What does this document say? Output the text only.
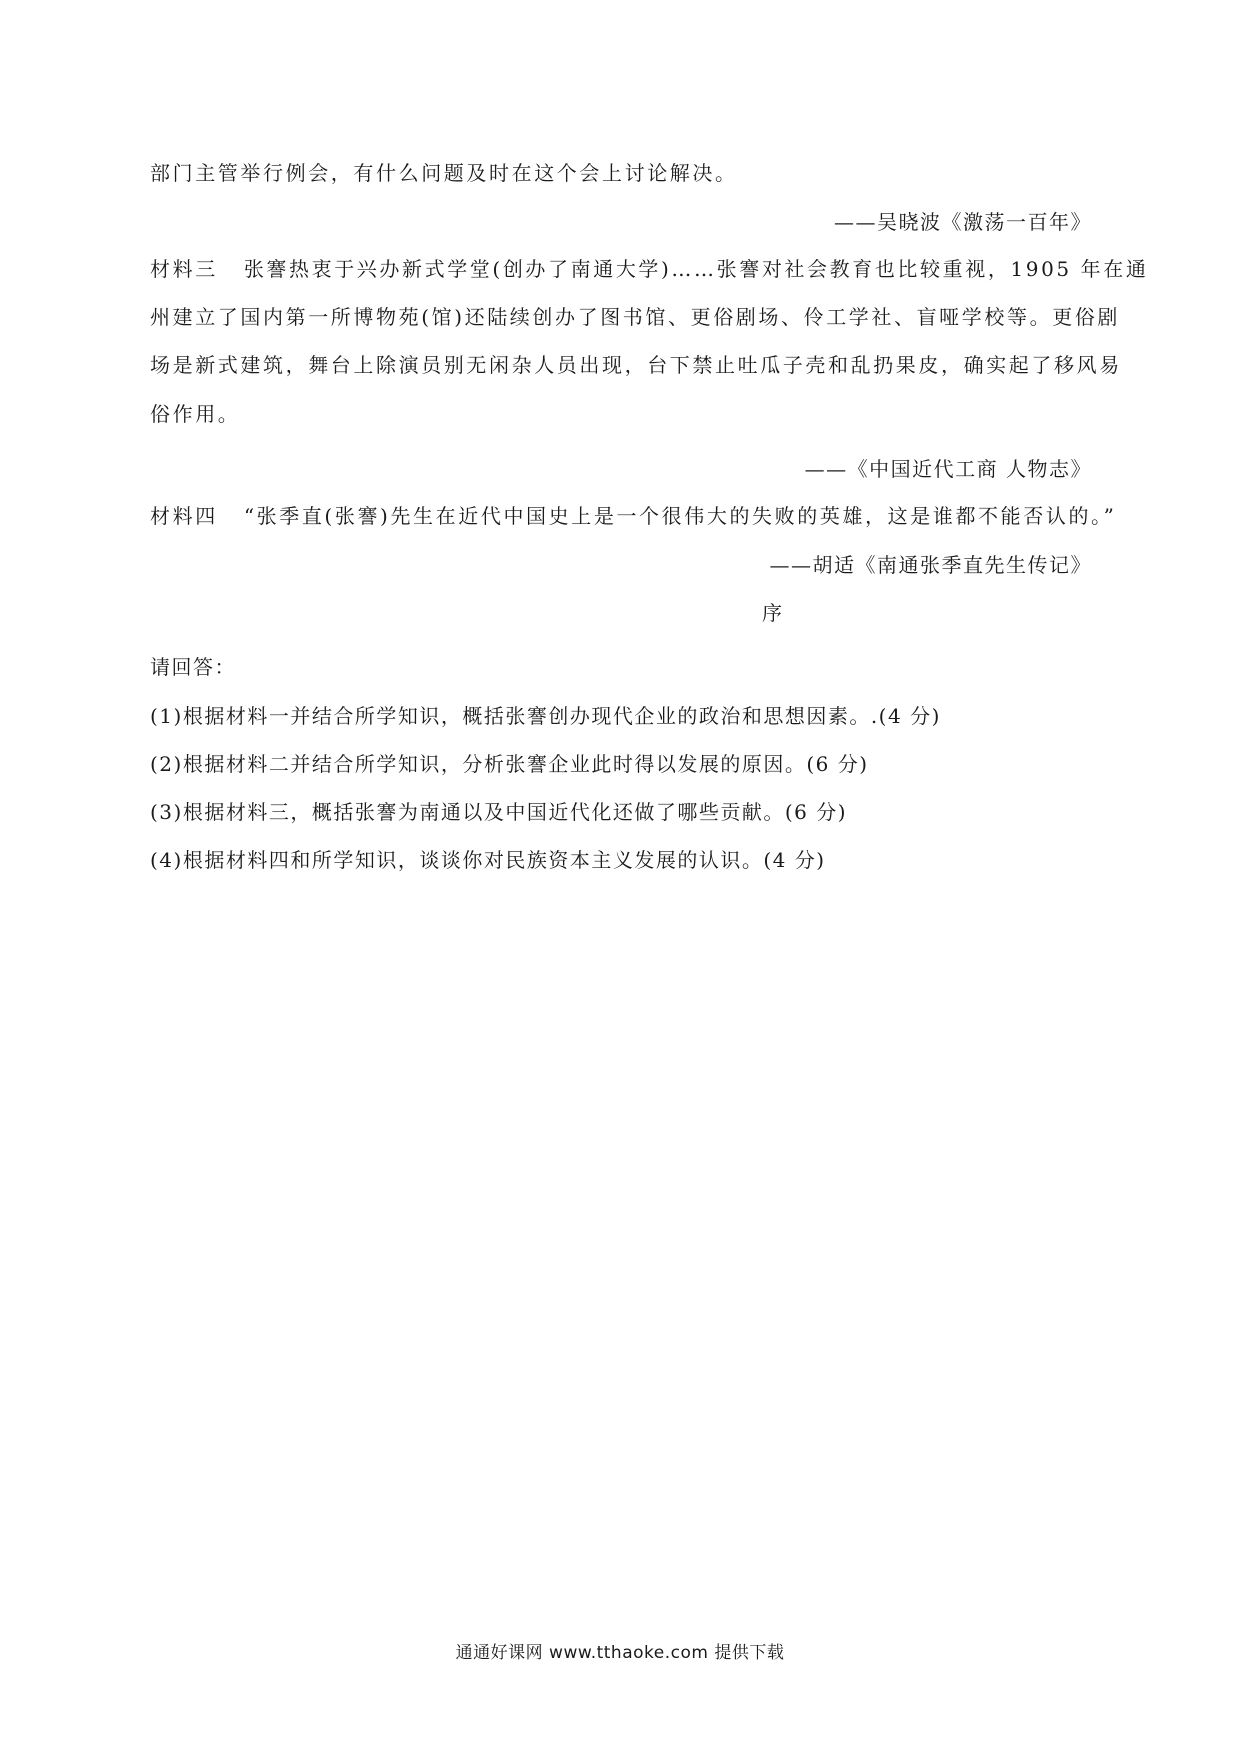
部门主管举行例会，有什么问题及时在这个会上讨论解决。
——吴晓波《激荡一百年》
材料三 张謇热衷于兴办新式学堂(创办了南通大学)……张謇对社会教育也比较重视，1905 年在通
州建立了国内第一所博物苑(馆)还陆续创办了图书馆、更俗剧场、伶工学社、盲哑学校等。更俗剧
场是新式建筑，舞台上除演员别无闲杂人员出现，台下禁止吐瓜子壳和乱扔果皮，确实起了移风易
俗作用。
——《中国近代工商 人物志》
材料四 “张季直(张謇)先生在近代中国史上是一个很伟大的失败的英雄，这是谁都不能否认的。”
——胡适《南通张季直先生传记》
序
请回答：
(1)根据材料一并结合所学知识，概括张謇创办现代企业的政治和思想因素。.(4 分)
(2)根据材料二并结合所学知识，分析张謇企业此时得以发展的原因。(6 分)
(3)根据材料三，概括张謇为南通以及中国近代化还做了哪些贡献。(6 分)
(4)根据材料四和所学知识，谈谈你对民族资本主义发展的认识。(4 分)
通通好课网 www.tthaoke.com 提供下载
